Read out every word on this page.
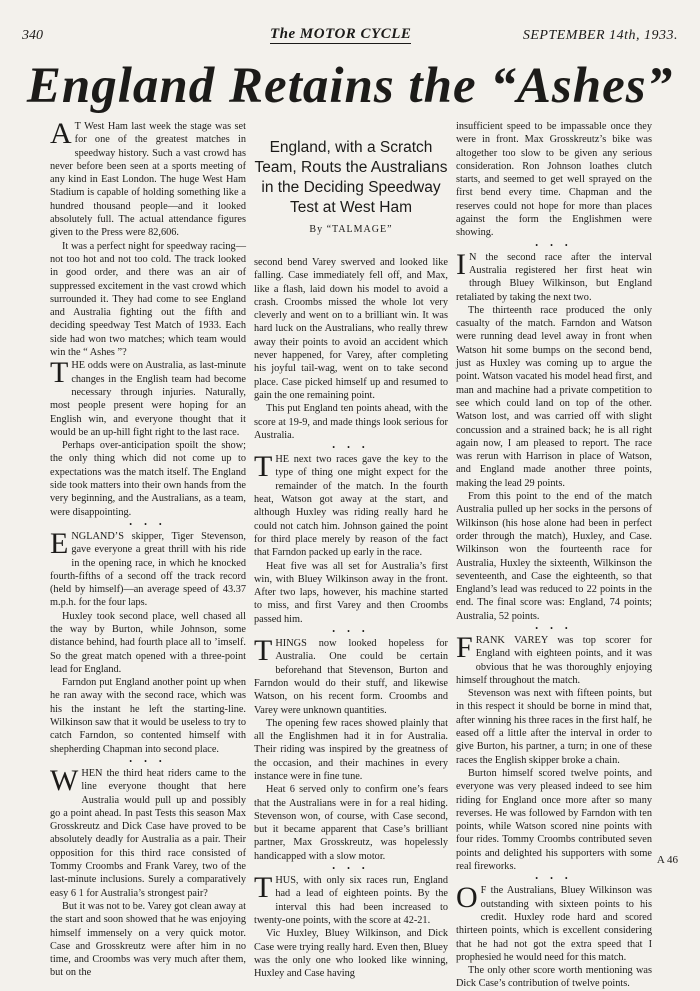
340	The MOTOR CYCLE	SEPTEMBER 14th, 1933.
England Retains the “Ashes”
England, with a Scratch Team, Routs the Australians in the Deciding Speedway Test at West Ham
By “TALMAGE”

A T West Ham last week the stage was set for one of the greatest matches in speedway history. Such a vast crowd has never before been seen at a sports meeting of any kind in East London. The huge West Ham Stadium is capable of holding something like a hundred thousand people—and it looked absolutely full. The actual attendance figures given to the Press were 82,606.

It was a perfect night for speedway racing—not too hot and not too cold. The track looked in good order, and there was an air of suppressed excitement in the vast crowd which surrounded it. They had come to see England and Australia fighting out the fifth and deciding speedway Test Match of 1933. Each side had won two matches; which team would win the “ Ashes ”?

THE odds were on Australia, as last-minute changes in the English team had become necessary through injuries. Naturally, most people present were hoping for an English win, and everyone thought that it would be an up-hill fight right to the last race.

Perhaps over-anticipation spoilt the show; the only thing which did not come up to expectations was the match itself. The England side took matters into their own hands from the very beginning, and the Australians, as a team, were disappointing.

• • •

ENGLAND’S skipper, Tiger Stevenson, gave everyone a great thrill with his ride in the opening race, in which he knocked fourth-fifths of a second off the track record (held by himself)—an average speed of 43.37 m.p.h. for the four laps.

Huxley took second place, well chased all the way by Burton, while Johnson, some distance behind, had fourth place all to ’imself. So the great match opened with a three-point lead for England.

Farndon put England another point up when he ran away with the second race, which was his the instant he left the starting-line. Wilkinson saw that it would be useless to try to catch Farndon, so contented himself with shepherding Chapman into second place.

• • •

WHEN the third heat riders came to the line everyone thought that here Australia would pull up and possibly go a point ahead. In past Tests this season Max Grosskreutz and Dick Case have proved to be absolutely deadly for Australia as a pair. Their opposition for this third race consisted of Tommy Croombs and Frank Varey, two of the last-minute inclusions. Surely a comparatively easy 6 1 for Australia’s strongest pair?

But it was not to be. Varey got clean away at the start and soon showed that he was enjoying himself immensely on a very quick motor. Case and Grosskreutz were after him in no time, and Croombs was very much after them, but on the

second bend Varey swerved and looked like falling. Case immediately fell off, and Max, like a flash, laid down his model to avoid a crash. Croombs missed the whole lot very cleverly and went on to a brilliant win. It was hard luck on the Australians, who really threw away their points to avoid an accident which never happened, for Varey, after completing his joyful tail-wag, went on to take second place. Case picked himself up and resumed to gain the one remaining point.

This put England ten points ahead, with the score at 19-9, and made things look serious for Australia.

• • •

THE next two races gave the key to the type of thing one might expect for the remainder of the match. In the fourth heat, Watson got away at the start, and although Huxley was riding really hard he could not catch him. Johnson gained the point for third place merely by reason of the fact that Farndon packed up early in the race.

Heat five was all set for Australia’s first win, with Bluey Wilkinson away in the front. After two laps, however, his machine started to miss, and first Varey and then Croombs passed him.

• • •

THINGS now looked hopeless for Australia. One could be certain beforehand that Stevenson, Burton and Farndon would do their stuff, and likewise Watson, on his recent form. Croombs and Varey were unknown quantities.

The opening few races showed plainly that all the Englishmen had it in for Australia. Their riding was inspired by the greatness of the occasion, and their machines in every instance were in fine tune.

Heat 6 served only to confirm one’s fears that the Australians were in for a real hiding. Stevenson won, of course, with Case second, but it became apparent that Case’s brilliant partner, Max Grosskreutz, was hopelessly handicapped with a slow motor.

• • •

THUS, with only six races run, England had a lead of eighteen points. By the interval this had been increased to twenty-one points, with the score at 42-21.

Vic Huxley, Bluey Wilkinson, and Dick Case were trying really hard. Even then, Bluey was the only one who looked like winning, Huxley and Case having

insufficient speed to be impassable once they were in front. Max Grosskreutz’s bike was altogether too slow to be given any serious consideration. Ron Johnson loathes clutch starts, and seemed to get well sprayed on the first bend every time. Chapman and the reserves could not hope for more than places against the form the Englishmen were showing.

• • •

I N the second race after the interval Australia registered her first heat win through Bluey Wilkinson, but England retaliated by taking the next two.

The thirteenth race produced the only casualty of the match. Farndon and Watson were running dead level away in front when Watson hit some bumps on the second bend, just as Huxley was coming up to argue the point. Watson vacated his model head first, and man and machine had a private competition to see which could land on top of the other. Watson lost, and was carried off with slight concussion and a strained back; he is all right again now, I am pleased to report. The race was rerun with Harrison in place of Watson, and England made another three points, making the lead 29 points.

From this point to the end of the match Australia pulled up her socks in the persons of Wilkinson (his hose alone had been in perfect order through the match), Huxley, and Case. Wilkinson won the fourteenth race for Australia, Huxley the sixteenth, Wilkinson the seventeenth, and Case the eighteenth, so that England’s lead was reduced to 22 points in the end. The final score was: England, 74 points; Australia, 52 points.

• • •

FRANK VAREY was top scorer for England with eighteen points, and it was obvious that he was thoroughly enjoying himself throughout the match.

Stevenson was next with fifteen points, but in this respect it should be borne in mind that, after winning his three races in the first half, he eased off a little after the interval in order to give Burton, his partner, a turn; in one of these races the English skipper broke a chain.

Burton himself scored twelve points, and everyone was very pleased indeed to see him riding for England once more after so many reverses. He was followed by Farndon with ten points, while Watson scored nine points with four rides. Tommy Croombs contributed seven points and delighted his supporters with some real fireworks.

• • •

O F the Australians, Bluey Wilkinson was outstanding with sixteen points to his credit. Huxley rode hard and scored thirteen points, which is excellent considering that he had not got the extra speed that I prophesied he would need for this match.

The only other score worth mentioning was Dick Case’s contribution of twelve points.

A 46
